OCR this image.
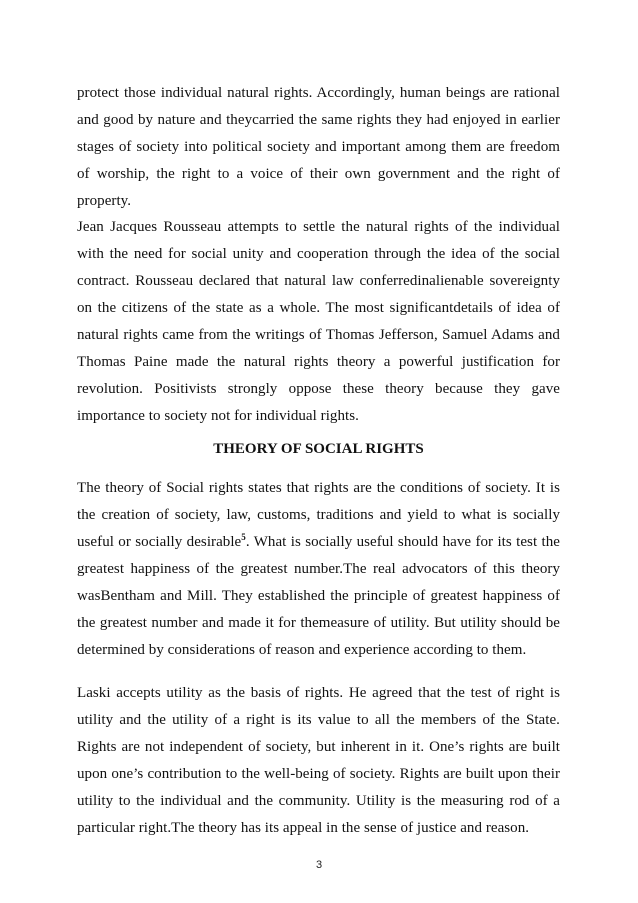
protect those individual natural rights. Accordingly, human beings are rational and good by nature and theycarried the same rights they had enjoyed in earlier stages of society into political society and important among them are freedom of worship, the right to a voice of their own government and the right of property.

Jean Jacques Rousseau attempts to settle the natural rights of the individual with the need for social unity and cooperation through the idea of the social contract. Rousseau declared that natural law conferredinalienable sovereignty on the citizens of the state as a whole. The most significantdetails of idea of natural rights came from the writings of Thomas Jefferson, Samuel Adams and Thomas Paine made the natural rights theory a powerful justification for revolution. Positivists strongly oppose these theory because they gave importance to society not for individual rights.

THEORY OF SOCIAL RIGHTS

The theory of Social rights states that rights are the conditions of society. It is the creation of society, law, customs, traditions and yield to what is socially useful or socially desirable$^5$. What is socially useful should have for its test the greatest happiness of the greatest number.The real advocators of this theory wasBentham and Mill. They established the principle of greatest happiness of the greatest number and made it for themeasure of utility. But utility should be determined by considerations of reason and experience according to them.

Laski accepts utility as the basis of rights. He agreed that the test of right is utility and the utility of a right is its value to all the members of the State. Rights are not independent of society, but inherent in it. One’s rights are built upon one’s contribution to the well-being of society. Rights are built upon their utility to the individual and the community. Utility is the measuring rod of a particular right.The theory has its appeal in the sense of justice and reason.

3
